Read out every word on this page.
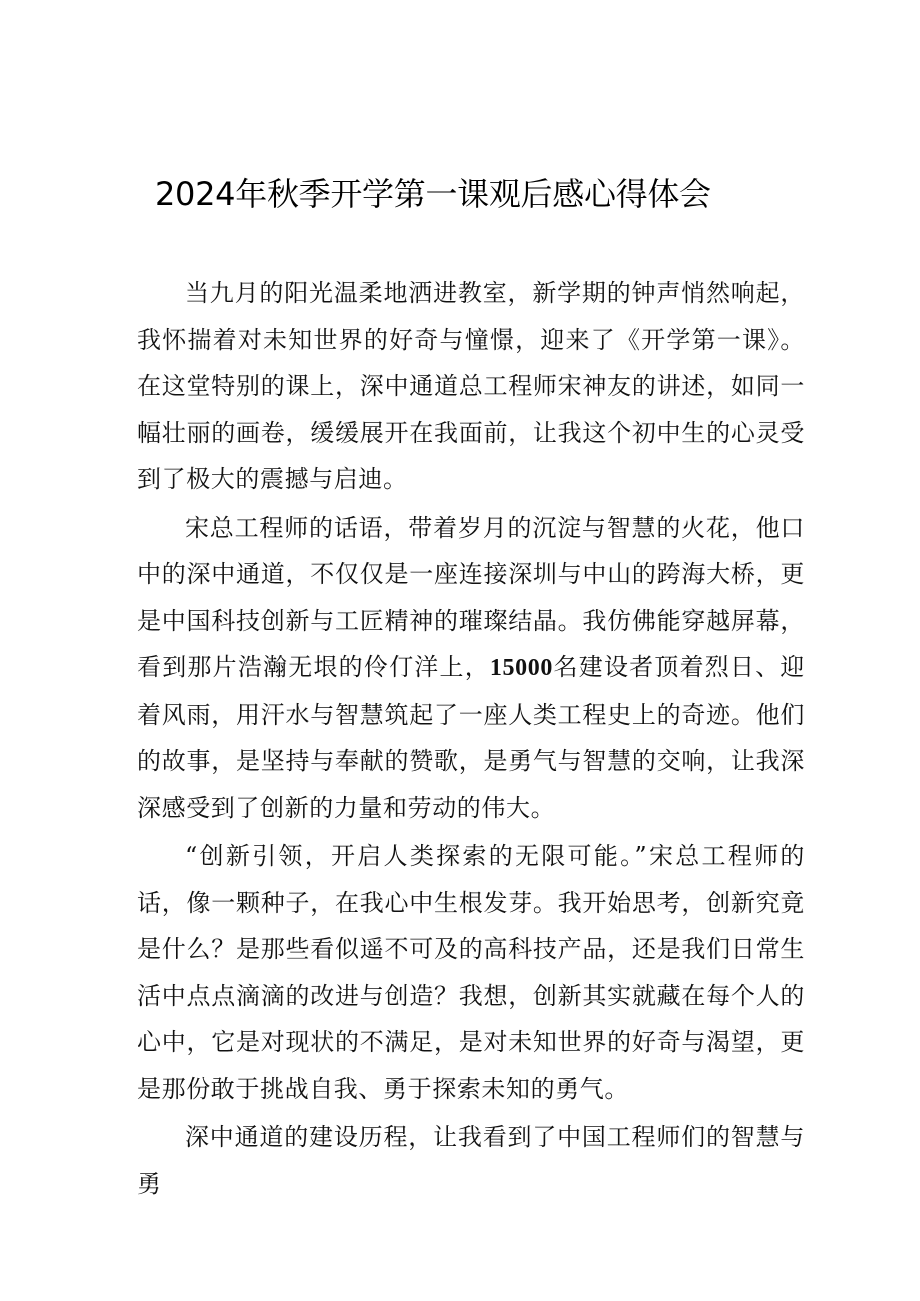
2024年秋季开学第一课观后感心得体会

当九月的阳光温柔地洒进教室，新学期的钟声悄然响起，我怀揣着对未知世界的好奇与憧憬，迎来了《开学第一课》。在这堂特别的课上，深中通道总工程师宋神友的讲述，如同一幅壮丽的画卷，缓缓展开在我面前，让我这个初中生的心灵受到了极大的震撼与启迪。

宋总工程师的话语，带着岁月的沉淀与智慧的火花，他口中的深中通道，不仅仅是一座连接深圳与中山的跨海大桥，更是中国科技创新与工匠精神的璀璨结晶。我仿佛能穿越屏幕，看到那片浩瀚无垠的伶仃洋上，15000名建设者顶着烈日、迎着风雨，用汗水与智慧筑起了一座人类工程史上的奇迹。他们的故事，是坚持与奉献的赞歌，是勇气与智慧的交响，让我深深感受到了创新的力量和劳动的伟大。

“创新引领，开启人类探索的无限可能。”宋总工程师的话，像一颗种子，在我心中生根发芽。我开始思考，创新究竟是什么？是那些看似遥不可及的高科技产品，还是我们日常生活中点点滴滴的改进与创造？我想，创新其实就藏在每个人的心中，它是对现状的不满足，是对未知世界的好奇与渴望，更是那份敢于挑战自我、勇于探索未知的勇气。

深中通道的建设历程，让我看到了中国工程师们的智慧与勇
